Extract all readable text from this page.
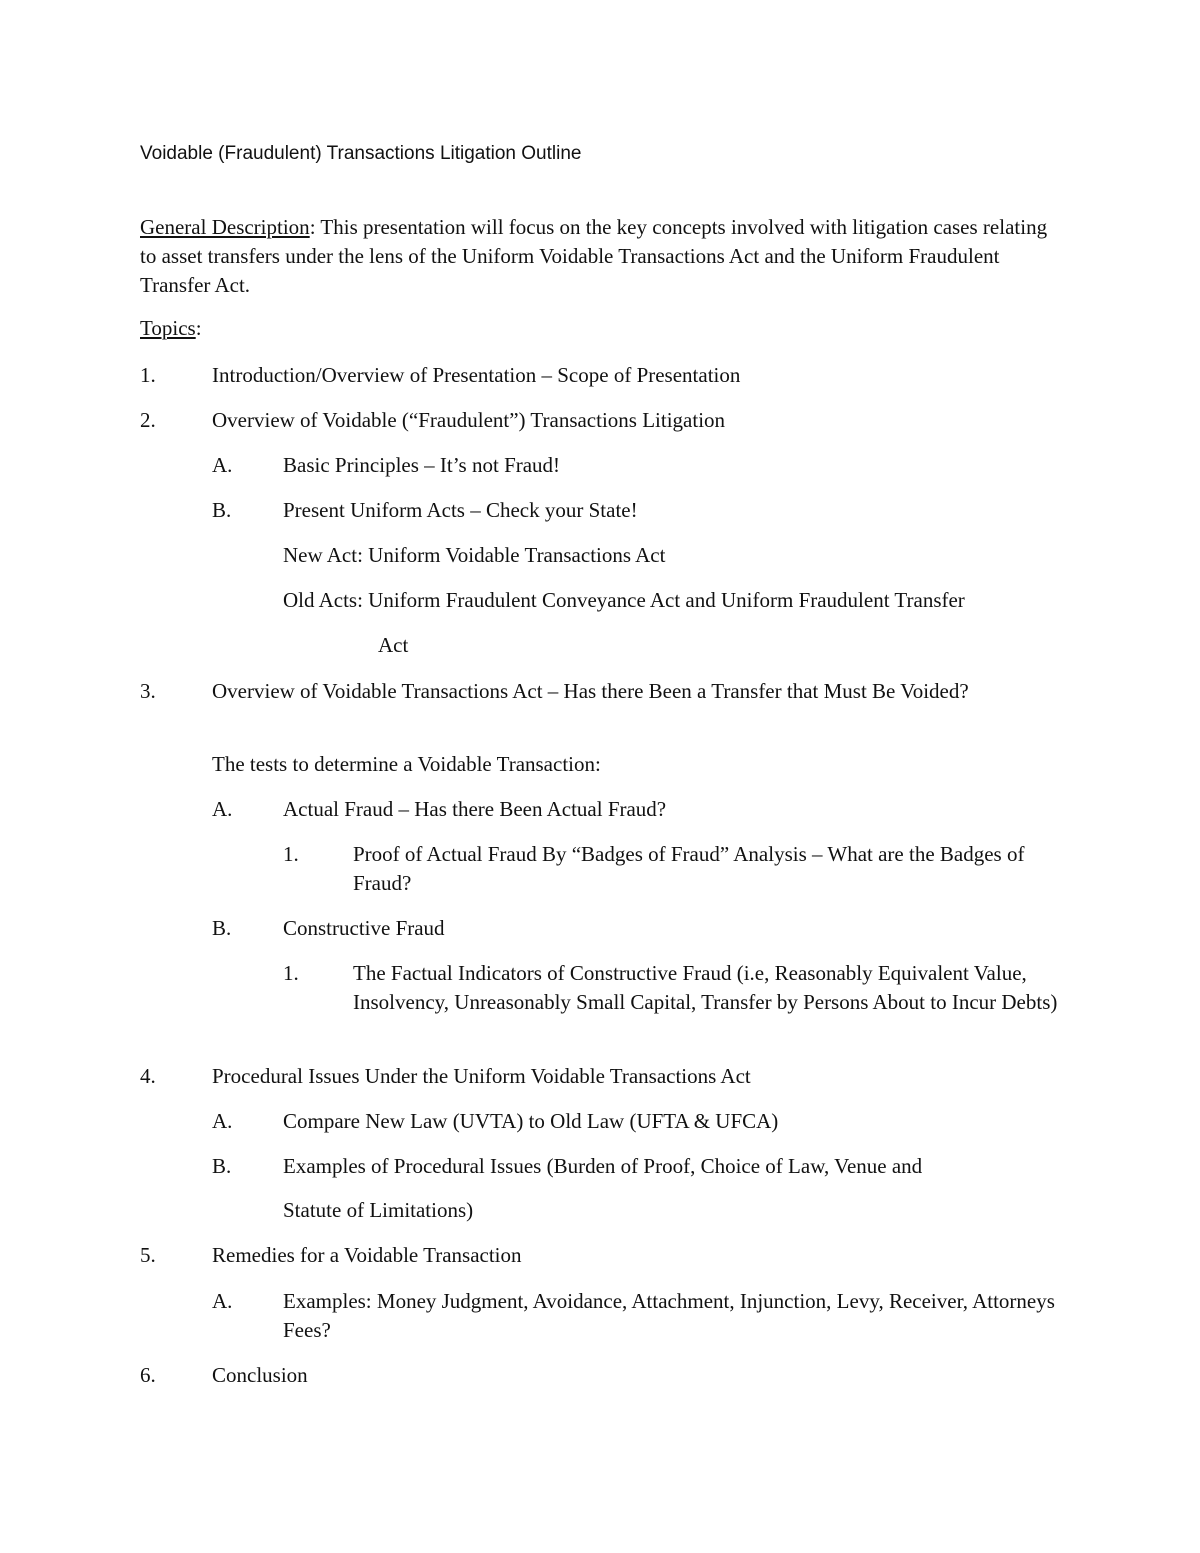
Voidable (Fraudulent) Transactions Litigation Outline
General Description: This presentation will focus on the key concepts involved with litigation cases relating to asset transfers under the lens of the Uniform Voidable Transactions Act and the Uniform Fraudulent Transfer Act.
Topics:
1.	Introduction/Overview of Presentation – Scope of Presentation
2.	Overview of Voidable (“Fraudulent”) Transactions Litigation
A. Basic Principles – It’s not Fraud!
B. Present Uniform Acts – Check your State!
New Act: Uniform Voidable Transactions Act
Old Acts: Uniform Fraudulent Conveyance Act and Uniform Fraudulent Transfer
Act
3.	Overview of Voidable Transactions Act – Has there Been a Transfer that Must Be Voided?
The tests to determine a Voidable Transaction:
A. Actual Fraud – Has there Been Actual Fraud?
1.	Proof of Actual Fraud By “Badges of Fraud” Analysis – What are the Badges of Fraud?
B. Constructive Fraud
1.	The Factual Indicators of Constructive Fraud (i.e, Reasonably Equivalent Value, Insolvency, Unreasonably Small Capital, Transfer by Persons About to Incur Debts)
4.	Procedural Issues Under the Uniform Voidable Transactions Act
A. Compare New Law (UVTA) to Old Law (UFTA & UFCA)
B. Examples of Procedural Issues (Burden of Proof, Choice of Law, Venue and
Statute of Limitations)
5.	Remedies for a Voidable Transaction
A. Examples: Money Judgment, Avoidance, Attachment, Injunction, Levy, Receiver, Attorneys Fees?
6.	Conclusion
